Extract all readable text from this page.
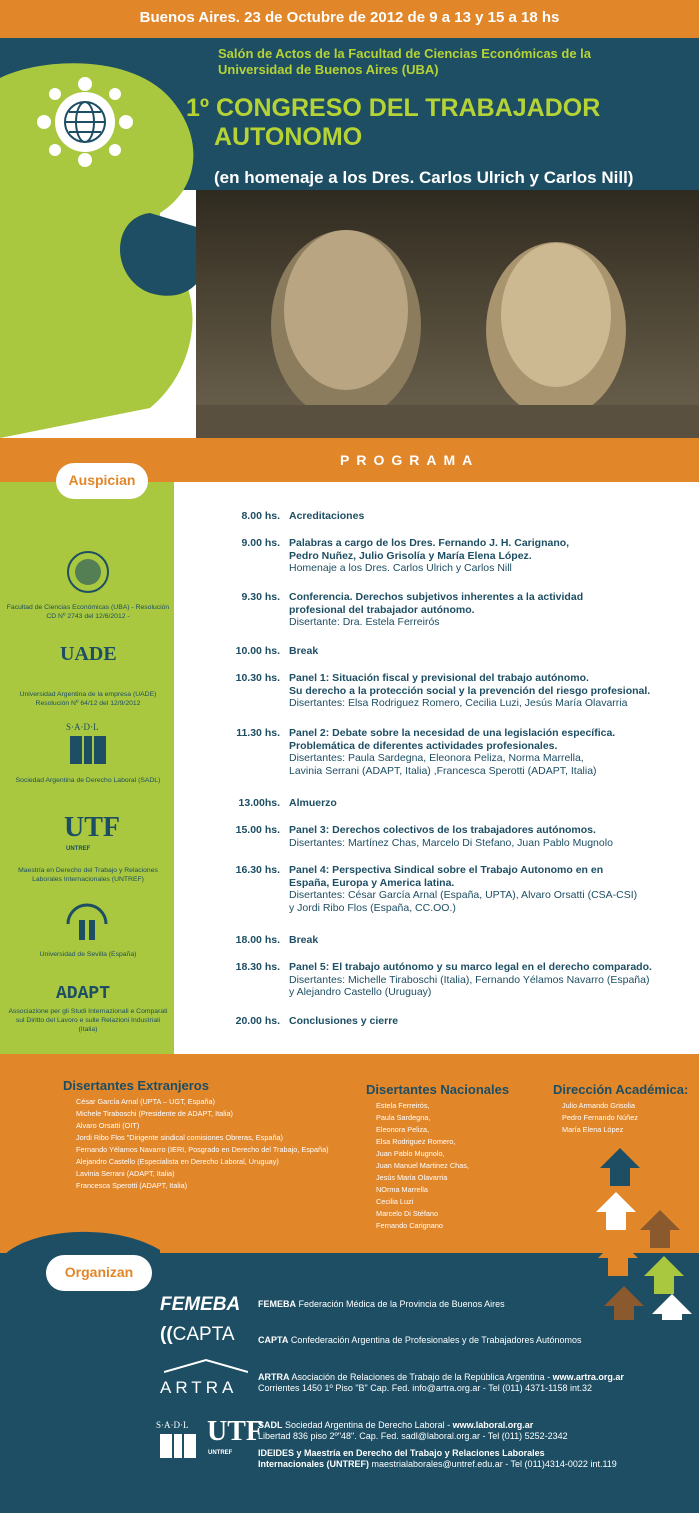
Buenos Aires. 23 de Octubre de 2012 de 9 a 13 y 15 a 18 hs
Salón de Actos de la Facultad de Ciencias Económicas de la
Universidad de Buenos Aires (UBA)
1º CONGRESO DEL TRABAJADOR
AUTONOMO
(en homenaje a los Dres. Carlos Ulrich y Carlos Nill)
PROGRAMA
Auspician
Facultad de Ciencias Económicas (UBA) - Resolución CD Nº 2743 del 12/6/2012 -
UADE
Universidad Argentina de la empresa (UADE) Resolución Nº 64/12 del 12/9/2012
S·A·D·L
Sociedad Argentina de Derecho Laboral (SADL)
UTF
UNTREF
Maestría en Derecho del Trabajo y Relaciones Laborales Internacionales (UNTREF)
Universidad de Sevilla (España)
ADAPT
Associazione per gli Studi Internazionali e Comparati sul Diritto del Lavoro e sulle Relazioni Industriali (Italia)
8.00 hs. Acreditaciones
9.00 hs. Palabras a cargo de los Dres. Fernando J. H. Carignano,
Pedro Nuñez, Julio Grisolía y María Elena López.
Homenaje a los Dres. Carlos Ulrich y Carlos Nill
9.30 hs. Conferencia. Derechos subjetivos inherentes a la actividad
profesional del trabajador autónomo.
Disertante: Dra. Estela Ferreirós
10.00 hs. Break
10.30 hs. Panel 1: Situación fiscal y previsional del trabajo autónomo.
Su derecho a la protección social y la prevención del riesgo profesional.
Disertantes: Elsa Rodriguez Romero, Cecilia Luzi, Jesús María Olavarria
11.30 hs. Panel 2: Debate sobre la necesidad de una legislación específica.
Problemática de diferentes actividades profesionales.
Disertantes: Paula Sardegna, Eleonora Peliza, Norma Marrella,
Lavinia Serrani (ADAPT, Italia) ,Francesca Sperotti (ADAPT, Italia)
13.00hs. Almuerzo
15.00 hs. Panel 3: Derechos colectivos de los trabajadores autónomos.
Disertantes: Martínez Chas, Marcelo Di Stefano, Juan Pablo Mugnolo
16.30 hs. Panel 4: Perspectiva Sindical sobre el Trabajo Autonomo en en
España, Europa y America latina.
Disertantes: César García Arnal (España, UPTA), Alvaro Orsatti (CSA-CSI)
y Jordi Ribo Flos (España, CC.OO.)
18.00 hs. Break
18.30 hs. Panel 5: El trabajo autónomo y su marco legal en el derecho comparado.
Disertantes: Michelle Tiraboschi (Italia), Fernando Yélamos Navarro (España)
y Alejandro Castello (Uruguay)
20.00 hs. Conclusiones y cierre
Disertantes Extranjeros
César García Arnal (UPTA – UGT, España)
Michele Tiraboschi (Presidente de ADAPT, Italia)
Alvaro Orsatti (OIT)
Jordi Ribo Flos "Dirigente sindical comisiones Obreras, España)
Fernando Yélamos Navarro (IERI, Posgrado en Derecho del Trabajo, España)
Alejandro Castello (Especialista en Derecho Laboral, Uruguay)
Lavinia Serrani (ADAPT, Italia)
Francesca Sperotti (ADAPT, Italia)
Disertantes Nacionales
Estela Ferreirós,
Paula Sardegna,
Eleonora Peliza,
Elsa Rodriguez Romero,
Juan Pablo Mugnolo,
Juan Manuel Martinez Chas,
Jesús María Olavarria
NOrma Marrella
Cecilia Luzi
Marcelo Di Stéfano
Fernando Carignano
Dirección Académica:
Julio Armando Grisolia
Pedro Fernando Núñez
María Elena López
Organizan
FEMEBA FEMEBA Federación Médica de la Provincia de Buenos Aires
((CAPTA	CAPTA Confederación Argentina de Profesionales y de Trabajadores Autónomos
ARTRA
ARTRA Asociación de Relaciones de Trabajo de la República Argentina - www.artra.org.ar
Corrientes 1450 1º Piso "B" Cap. Fed. info@artra.org.ar - Tel (011) 4371-1158 int.32
S·A·D·L UTF
UNTREF
SADL Sociedad Argentina de Derecho Laboral - www.laboral.org.ar
Libertad 836 piso 2º"48". Cap. Fed. sadl@laboral.org.ar - Tel (011) 5252-2342
IDEIDES y Maestría en Derecho del Trabajo y Relaciones Laborales
Internacionales (UNTREF) maestrialaborales@untref.edu.ar - Tel (011)4314-0022 int.119
